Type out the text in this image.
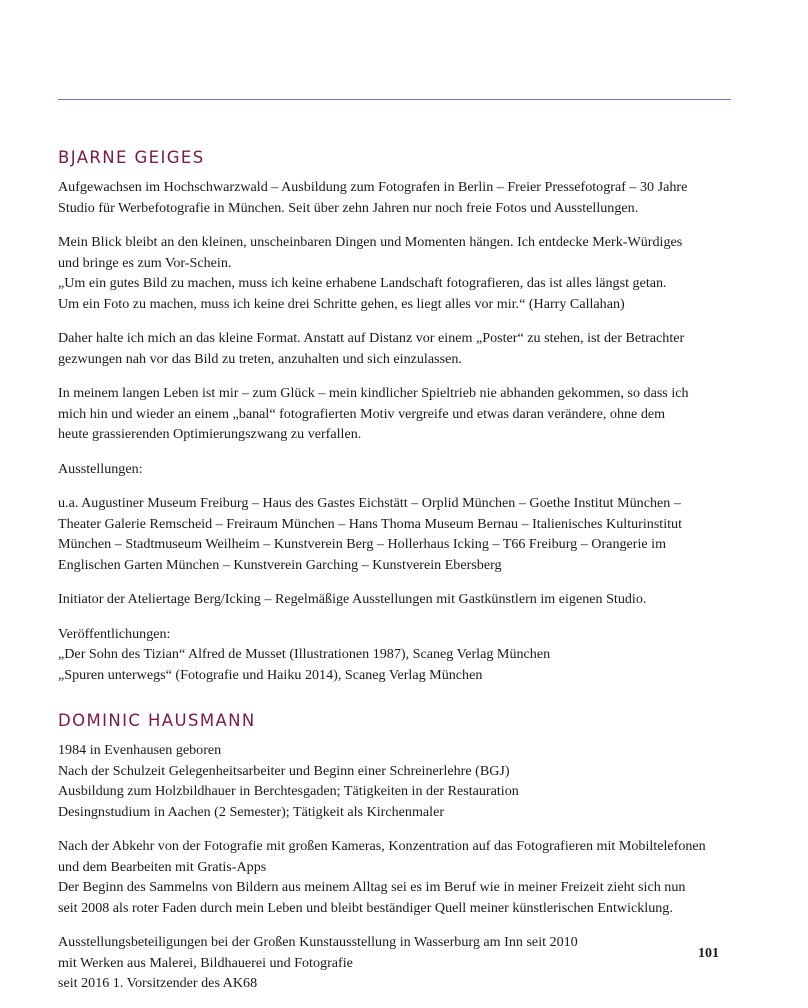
BJARNE GEIGES

Aufgewachsen im Hochschwarzwald – Ausbildung zum Fotografen in Berlin – Freier Pressefotograf – 30 Jahre
Studio für Werbefotografie in München. Seit über zehn Jahren nur noch freie Fotos und Ausstellungen.

Mein Blick bleibt an den kleinen, unscheinbaren Dingen und Momenten hängen. Ich entdecke Merk-Würdiges
und bringe es zum Vor-Schein.
„Um ein gutes Bild zu machen, muss ich keine erhabene Landschaft fotografieren, das ist alles längst getan.
Um ein Foto zu machen, muss ich keine drei Schritte gehen, es liegt alles vor mir.“ (Harry Callahan)

Daher halte ich mich an das kleine Format. Anstatt auf Distanz vor einem „Poster“ zu stehen, ist der Betrachter
gezwungen nah vor das Bild zu treten, anzuhalten und sich einzulassen.

In meinem langen Leben ist mir – zum Glück – mein kindlicher Spieltrieb nie abhanden gekommen, so dass ich
mich hin und wieder an einem „banal“ fotografierten Motiv vergreife und etwas daran verändere, ohne dem
heute grassierenden Optimierungszwang zu verfallen.

Ausstellungen:

u.a. Augustiner Museum Freiburg – Haus des Gastes Eichstätt – Orplid München – Goethe Institut München –
Theater Galerie Remscheid – Freiraum München – Hans Thoma Museum Bernau – Italienisches Kulturinstitut
München – Stadtmuseum Weilheim – Kunstverein Berg – Hollerhaus Icking – T66 Freiburg – Orangerie im
Englischen Garten München – Kunstverein Garching – Kunstverein Ebersberg

Initiator der Ateliertage Berg/Icking – Regelmäßige Ausstellungen mit Gastkünstlern im eigenen Studio.

Veröffentlichungen:
„Der Sohn des Tizian“ Alfred de Musset (Illustrationen 1987), Scaneg Verlag München
„Spuren unterwegs“ (Fotografie und Haiku 2014), Scaneg Verlag München

DOMINIC HAUSMANN

1984 in Evenhausen geboren
Nach der Schulzeit Gelegenheitsarbeiter und Beginn einer Schreinerlehre (BGJ)
Ausbildung zum Holzbildhauer in Berchtesgaden; Tätigkeiten in der Restauration
Desingnstudium in Aachen (2 Semester); Tätigkeit als Kirchenmaler

Nach der Abkehr von der Fotografie mit großen Kameras, Konzentration auf das Fotografieren mit Mobiltelefonen
und dem Bearbeiten mit Gratis-Apps
Der Beginn des Sammelns von Bildern aus meinem Alltag sei es im Beruf wie in meiner Freizeit zieht sich nun
seit 2008 als roter Faden durch mein Leben und bleibt beständiger Quell meiner künstlerischen Entwicklung.

Ausstellungsbeteiligungen bei der Großen Kunstausstellung in Wasserburg am Inn seit 2010
mit Werken aus Malerei, Bildhauerei und Fotografie
seit 2016 1. Vorsitzender des AK68

101
